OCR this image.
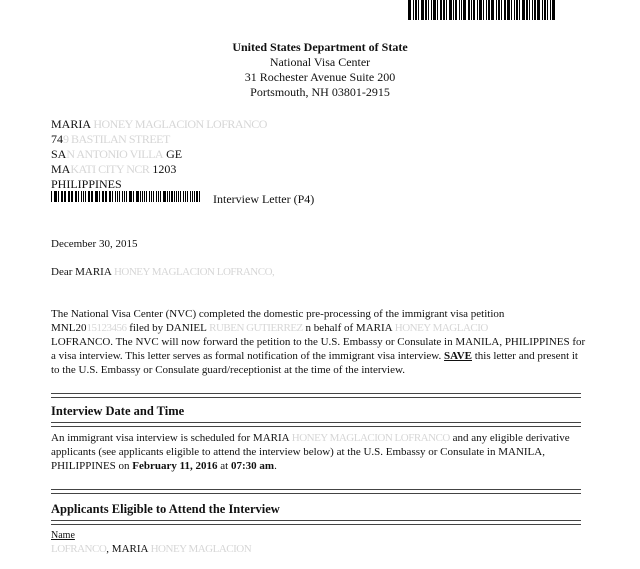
United States Department of State
National Visa Center
31 Rochester Avenue Suite 200
Portsmouth, NH 03801-2915
MARIA HONEY MAGLACION LOFRANCO
749 BASTILAN STREET
SAN ANTONIO VILLA GE
MAKATI CITY NCR 1203
PHILIPPINES
Interview Letter (P4)
December 30, 2015
Dear MARIA HONEY MAGLACION LOFRANCO,
The National Visa Center (NVC) completed the domestic pre-processing of the immigrant visa petition
MNL2015123456 filed by DANIEL RUBEN GUTIERREZ n behalf of MARIA HONEY MAGLACIO
LOFRANCO. The NVC will now forward the petition to the U.S. Embassy or Consulate in MANILA, PHILIPPINES for a visa interview. This letter serves as formal notification of the immigrant visa interview. SAVE this letter and present it to the U.S. Embassy or Consulate guard/receptionist at the time of the interview.
Interview Date and Time
An immigrant visa interview is scheduled for MARIA HONEY MAGLACION LOFRANCO and any eligible derivative applicants (see applicants eligible to attend the interview below) at the U.S. Embassy or Consulate in MANILA, PHILIPPINES on February 11, 2016 at 07:30 am.
Applicants Eligible to Attend the Interview
Name
LOFRANCO, MARIA HONEY MAGLACION
